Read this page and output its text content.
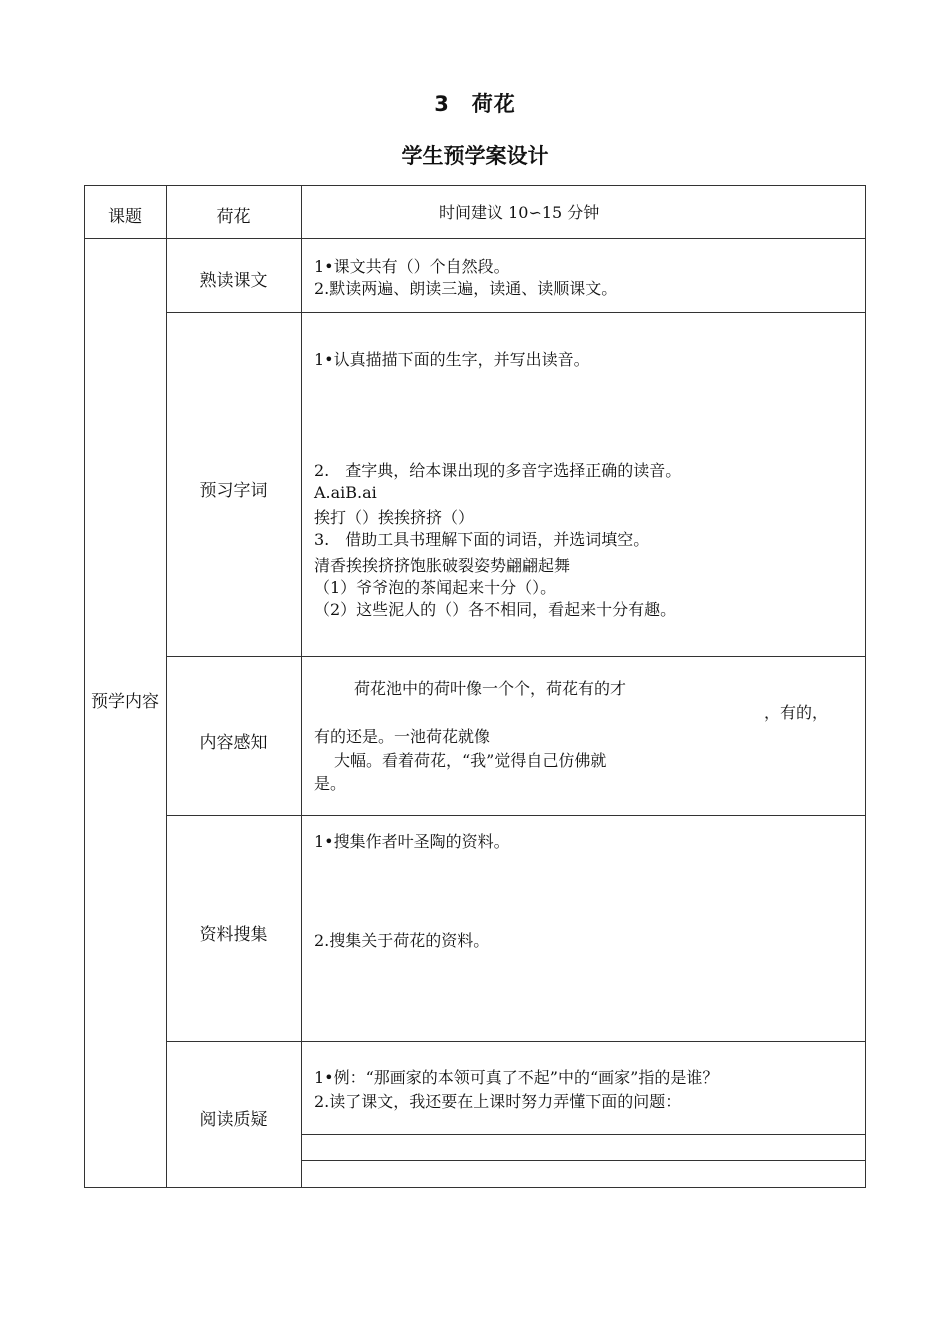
3　荷花
学生预学案设计
课题	荷花	时间建议 10∽15 分钟
预学内容
熟读课文
1•课文共有（）个自然段。
2.默读两遍、朗读三遍，读通、读顺课文。
预习字词
1•认真描描下面的生字，并写出读音。
2.　查字典，给本课出现的多音字选择正确的读音。
A.aiB.ai
挨打（）挨挨挤挤（）
3.　借助工具书理解下面的词语，并选词填空。
清香挨挨挤挤饱胀破裂姿势翩翩起舞
（1）爷爷泡的茶闻起来十分（）。
（2）这些泥人的（）各不相同，看起来十分有趣。
内容感知
荷花池中的荷叶像一个个，荷花有的才
，有的，
有的还是。一池荷花就像
大幅。看着荷花，“我”觉得自己仿佛就
是。
资料搜集
1•搜集作者叶圣陶的资料。
2.搜集关于荷花的资料。
阅读质疑
1•例：“那画家的本领可真了不起”中的“画家”指的是谁？
2.读了课文，我还要在上课时努力弄懂下面的问题：
